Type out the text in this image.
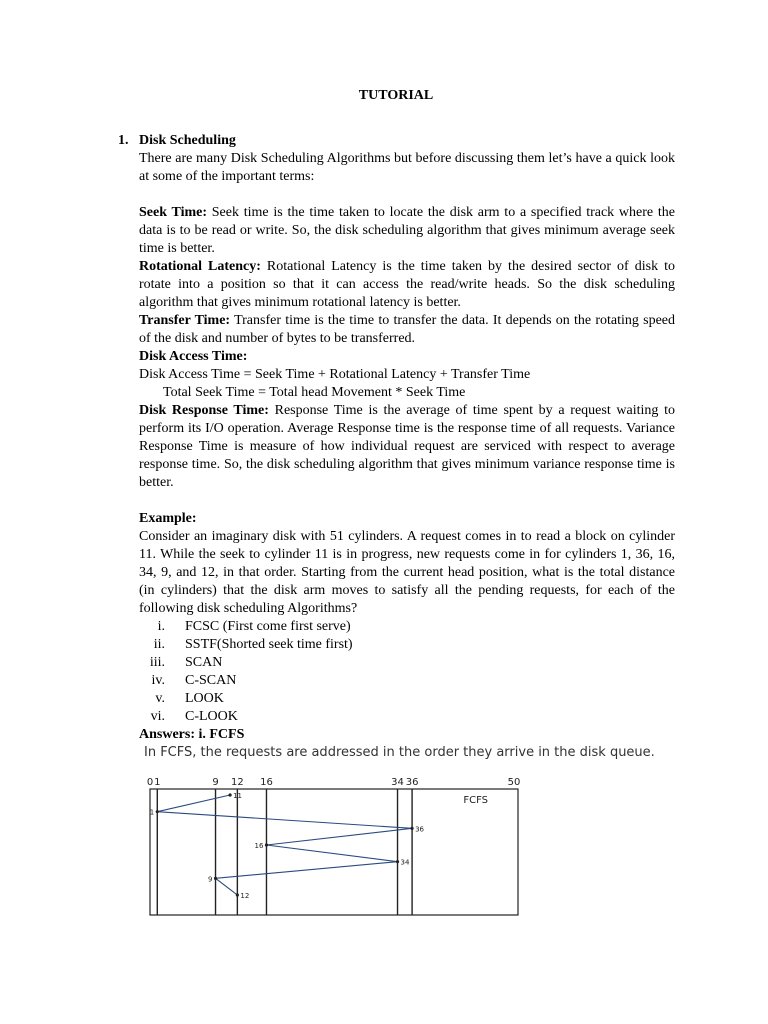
TUTORIAL
1. Disk Scheduling

There are many Disk Scheduling Algorithms but before discussing them let’s have a quick look at some of the important terms:

Seek Time: Seek time is the time taken to locate the disk arm to a specified track where the data is to be read or write. So, the disk scheduling algorithm that gives minimum average seek time is better.

Rotational Latency: Rotational Latency is the time taken by the desired sector of disk to rotate into a position so that it can access the read/write heads. So the disk scheduling algorithm that gives minimum rotational latency is better.

Transfer Time: Transfer time is the time to transfer the data. It depends on the rotating speed of the disk and number of bytes to be transferred.

Disk Access Time:

Disk Access Time = Seek Time + Rotational Latency + Transfer Time

Total Seek Time = Total head Movement * Seek Time

Disk Response Time: Response Time is the average of time spent by a request waiting to perform its I/O operation. Average Response time is the response time of all requests. Variance Response Time is measure of how individual request are serviced with respect to average response time. So, the disk scheduling algorithm that gives minimum variance response time is better.

Example:

Consider an imaginary disk with 51 cylinders. A request comes in to read a block on cylinder 11. While the seek to cylinder 11 is in progress, new requests come in for cylinders 1, 36, 16, 34, 9, and 12, in that order. Starting from the current head position, what is the total distance (in cylinders) that the disk arm moves to satisfy all the pending requests, for each of the following disk scheduling Algorithms?

i. FCSC (First come first serve)
ii. SSTF(Shorted seek time first)
iii. SCAN
iv. C-SCAN
v. LOOK
vi. C-LOOK

Answers: i. FCFS

In FCFS, the requests are addressed in the order they arrive in the disk queue.

0 1	9 12 16	34 36	50
FCFS
11
1
36
16
34
9
12
